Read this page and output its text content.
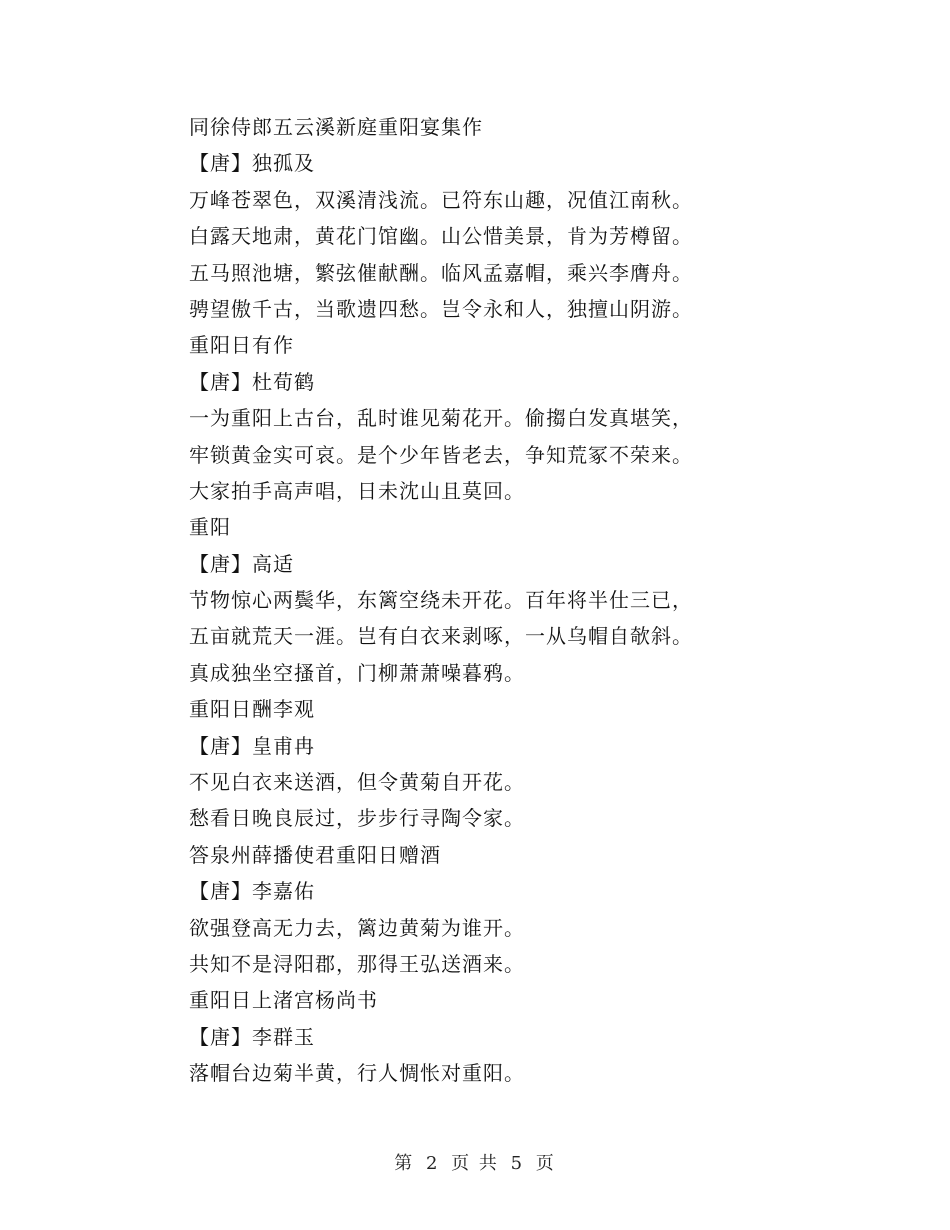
同徐侍郎五云溪新庭重阳宴集作
【唐】独孤及
万峰苍翠色，双溪清浅流。已符东山趣，况值江南秋。
白露天地肃，黄花门馆幽。山公惜美景，肯为芳樽留。
五马照池塘，繁弦催献酬。临风孟嘉帽，乘兴李膺舟。
骋望傲千古，当歌遗四愁。岂令永和人，独擅山阴游。
重阳日有作
【唐】杜荀鹤
一为重阳上古台，乱时谁见菊花开。偷搊白发真堪笑，
牢锁黄金实可哀。是个少年皆老去，争知荒冢不荣来。
大家拍手高声唱，日未沈山且莫回。
重阳
【唐】高适
节物惊心两鬓华，东篱空绕未开花。百年将半仕三已，
五亩就荒天一涯。岂有白衣来剥啄，一从乌帽自欹斜。
真成独坐空搔首，门柳萧萧噪暮鸦。
重阳日酬李观
【唐】皇甫冉
不见白衣来送酒，但令黄菊自开花。
愁看日晚良辰过，步步行寻陶令家。
答泉州薛播使君重阳日赠酒
【唐】李嘉佑
欲强登高无力去，篱边黄菊为谁开。
共知不是浔阳郡，那得王弘送酒来。
重阳日上渚宫杨尚书
【唐】李群玉
落帽台边菊半黄，行人惆怅对重阳。
第 2 页 共 5 页
